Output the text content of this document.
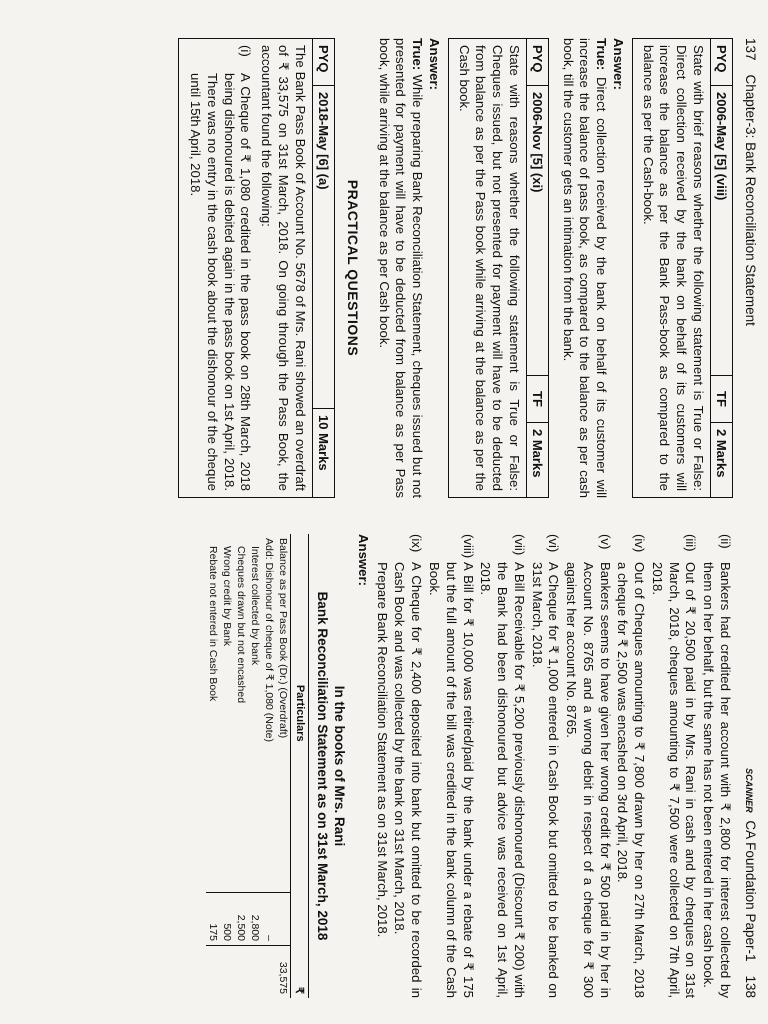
137
Chapter-3: Bank Reconciliation Statement
PYQ	2006-May [5] (viii)	TF	2 Marks
State with brief reasons whether the following statement is True or False: Direct collection received by the bank on behalf of its customers will increase the balance as per the Bank Pass-book as compared to the balance as per the Cash-book.
Answer:
True: Direct collection received by the bank on behalf of its customer will increase the balance of pass book, as compared to the balance as per cash book, till the customer gets an intimation from the bank.
PYQ	2006-Nov [5] (xi)	TF	2 Marks
State with reasons whether the following statement is True or False: Cheques issued, but not presented for payment will have to be deducted from balance as per the Pass book while arriving at the balance as per the Cash book.
Answer:
True: While preparing Bank Reconciliation Statement, cheques issued but not presented for payment will have to be deducted from balance as per Pass book, while arriving at the balance as per Cash book.
PRACTICAL QUESTIONS
PYQ	2018-May [6] (a)	10 Marks
The Bank Pass Book of Account No. 5678 of Mrs. Rani showed an overdraft of ₹ 33,575 on 31st March, 2018. On going through the Pass Book, the accountant found the following:
(i)
A Cheque of ₹ 1,080 credited in the pass book on 28th March, 2018 being dishonoured is debited again in the pass book on 1st April, 2018. There was no entry in the cash book about the dishonour of the cheque until 15th April, 2018.
SCANNER CA Foundation Paper-1
138
(ii)
Bankers had credited her account with ₹ 2,800 for interest collected by them on her behalf, but the same has not been entered in her cash book.
(iii)
Out of ₹ 20,500 paid in by Mrs. Rani in cash and by cheques on 31st March, 2018, cheques amounting to ₹ 7,500 were collected on 7th April, 2018.
(iv)
Out of Cheques amounting to ₹ 7,800 drawn by her on 27th March, 2018 a cheque for ₹ 2,500 was encashed on 3rd April, 2018.
(v)
Bankers seems to have given her wrong credit for ₹ 500 paid in by her in Account No. 8765 and a wrong debit in respect of a cheque for ₹ 300 against her account No. 8765.
(vi)
A Cheque for ₹ 1,000 entered in Cash Book but omitted to be banked on 31st March, 2018.
(vii)
A Bill Receivable for ₹ 5,200 previously dishonoured (Discount ₹ 200) with the Bank had been dishonoured but advice was received on 1st April, 2018.
(viii)
A Bill for ₹ 10,000 was retired/paid by the bank under a rebate of ₹ 175 but the full amount of the bill was credited in the bank column of the Cash Book.
(ix)
A Cheque for ₹ 2,400 deposited into bank but omitted to be recorded in Cash Book and was collected by the bank on 31st March, 2018.
Prepare Bank Reconciliation Statement as on 31st March, 2018.
Answer:
In the books of Mrs. Rani
Bank Reconciliation Statement as on 31st March, 2018
Particulars		₹
Balance as per Pass Book (Dr.) (Overdraft)		33,575
Add: Dishonour of cheque of ₹ 1,080 (Note)	–	
Interest collected by bank	2,800	
Cheques drawn but not encashed	2,500	
Wrong credit by Bank	500	
Rebate not entered in Cash Book	175	
